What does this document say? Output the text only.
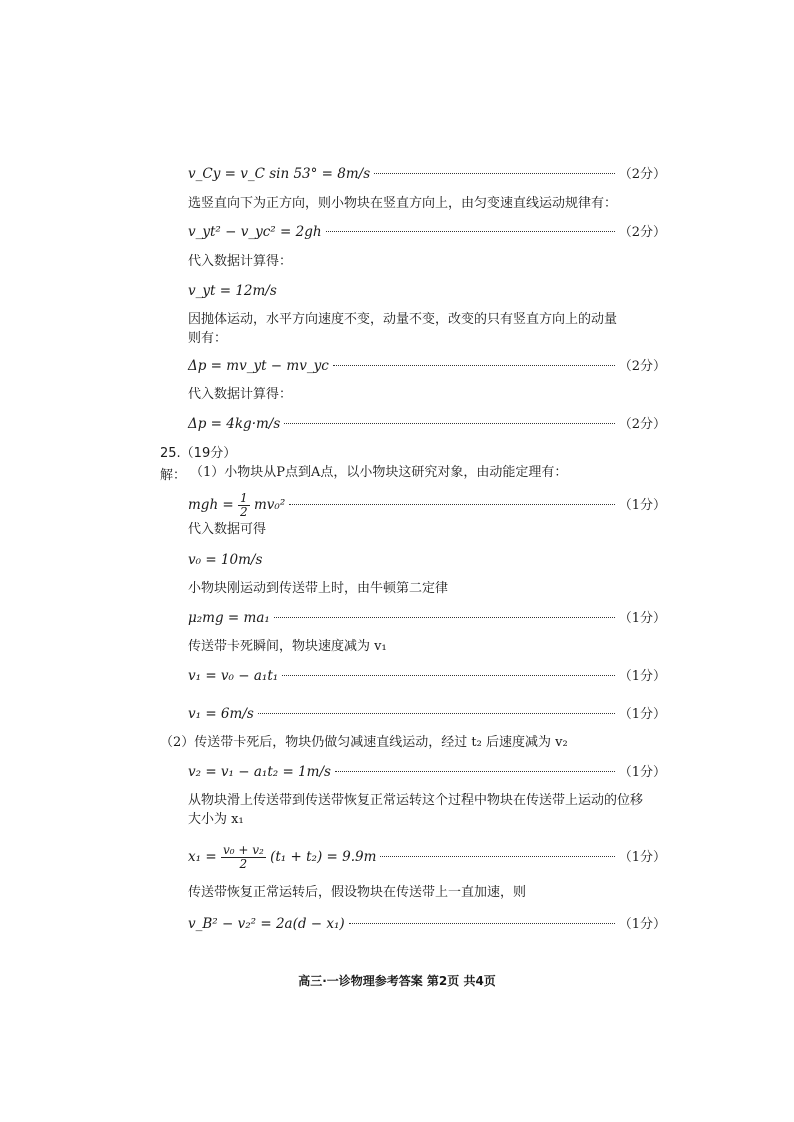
v_Cy = v_C sin 53° = 8m/s	（2分）
选竖直向下为正方向，则小物块在竖直方向上，由匀变速直线运动规律有：
v_yt² − v_yc² = 2gh	（2分）
代入数据计算得：
v_yt = 12m/s
因抛体运动，水平方向速度不变，动量不变，改变的只有竖直方向上的动量
则有：
Δp = mv_yt − mv_yc	（2分）
代入数据计算得：
Δp = 4kg·m/s	（2分）
25.（19分）
解： （1）小物块从P点到A点，以小物块这研究对象，由动能定理有：
mgh = $\frac{1}{2} mv_0^2$	（1分）
代入数据可得
v₀ = 10m/s
小物块刚运动到传送带上时，由牛顿第二定律
μ₂mg = ma₁	（1分）
传送带卡死瞬间，物块速度减为 v₁
v₁ = v₀ − a₁t₁	（1分）
v₁ = 6m/s	（1分）
（2）传送带卡死后，物块仍做匀减速直线运动，经过 t₂ 后速度减为 v₂
v₂ = v₁ − a₁t₂ = 1m/s	（1分）
从物块滑上传送带到传送带恢复正常运转这个过程中物块在传送带上运动的位移
大小为 x₁
$x_1 = \frac{\text{v₀ + v₂}}{2} (t_1 + t_2) = 9.9m$	（1分）
传送带恢复正常运转后，假设物块在传送带上一直加速，则
v_B² − v₂² = 2a(d − x₁)	（1分）
高三·一诊物理参考答案 第2页 共4页
